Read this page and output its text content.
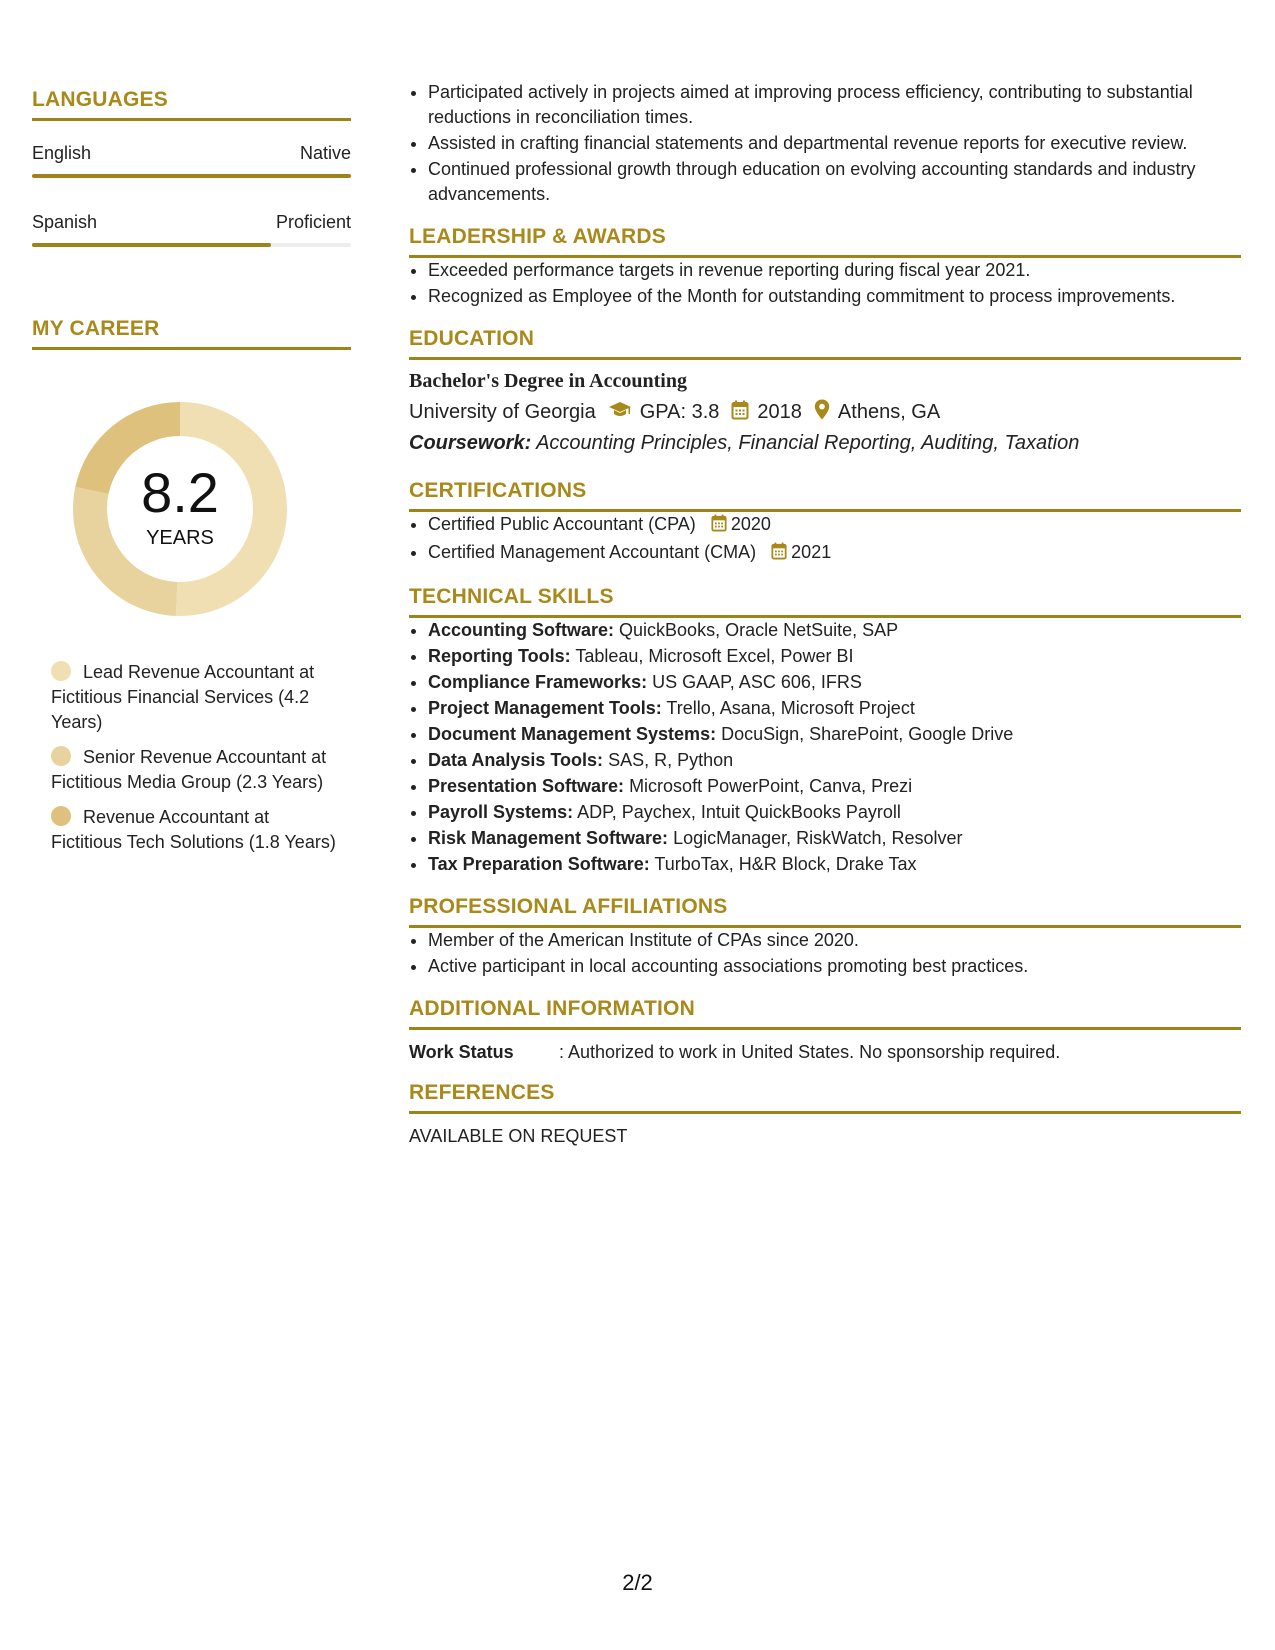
LANGUAGES
English	Native
Spanish	Proficient
MY CAREER
8.2
YEARS
Lead Revenue Accountant at Fictitious Financial Services (4.2 Years)
Senior Revenue Accountant at Fictitious Media Group (2.3 Years)
Revenue Accountant at Fictitious Tech Solutions (1.8 Years)
• Participated actively in projects aimed at improving process efficiency, contributing to substantial reductions in reconciliation times.
• Assisted in crafting financial statements and departmental revenue reports for executive review.
• Continued professional growth through education on evolving accounting standards and industry advancements.
LEADERSHIP & AWARDS
• Exceeded performance targets in revenue reporting during fiscal year 2021.
• Recognized as Employee of the Month for outstanding commitment to process improvements.
EDUCATION
Bachelor's Degree in Accounting
University of Georgia GPA: 3.8 2018 Athens, GA
Coursework: Accounting Principles, Financial Reporting, Auditing, Taxation
CERTIFICATIONS
• Certified Public Accountant (CPA) 2020
• Certified Management Accountant (CMA) 2021
TECHNICAL SKILLS
• Accounting Software: QuickBooks, Oracle NetSuite, SAP
• Reporting Tools: Tableau, Microsoft Excel, Power BI
• Compliance Frameworks: US GAAP, ASC 606, IFRS
• Project Management Tools: Trello, Asana, Microsoft Project
• Document Management Systems: DocuSign, SharePoint, Google Drive
• Data Analysis Tools: SAS, R, Python
• Presentation Software: Microsoft PowerPoint, Canva, Prezi
• Payroll Systems: ADP, Paychex, Intuit QuickBooks Payroll
• Risk Management Software: LogicManager, RiskWatch, Resolver
• Tax Preparation Software: TurboTax, H&R Block, Drake Tax
PROFESSIONAL AFFILIATIONS
• Member of the American Institute of CPAs since 2020.
• Active participant in local accounting associations promoting best practices.
ADDITIONAL INFORMATION
Work Status	: Authorized to work in United States. No sponsorship required.
REFERENCES
AVAILABLE ON REQUEST
2/2
